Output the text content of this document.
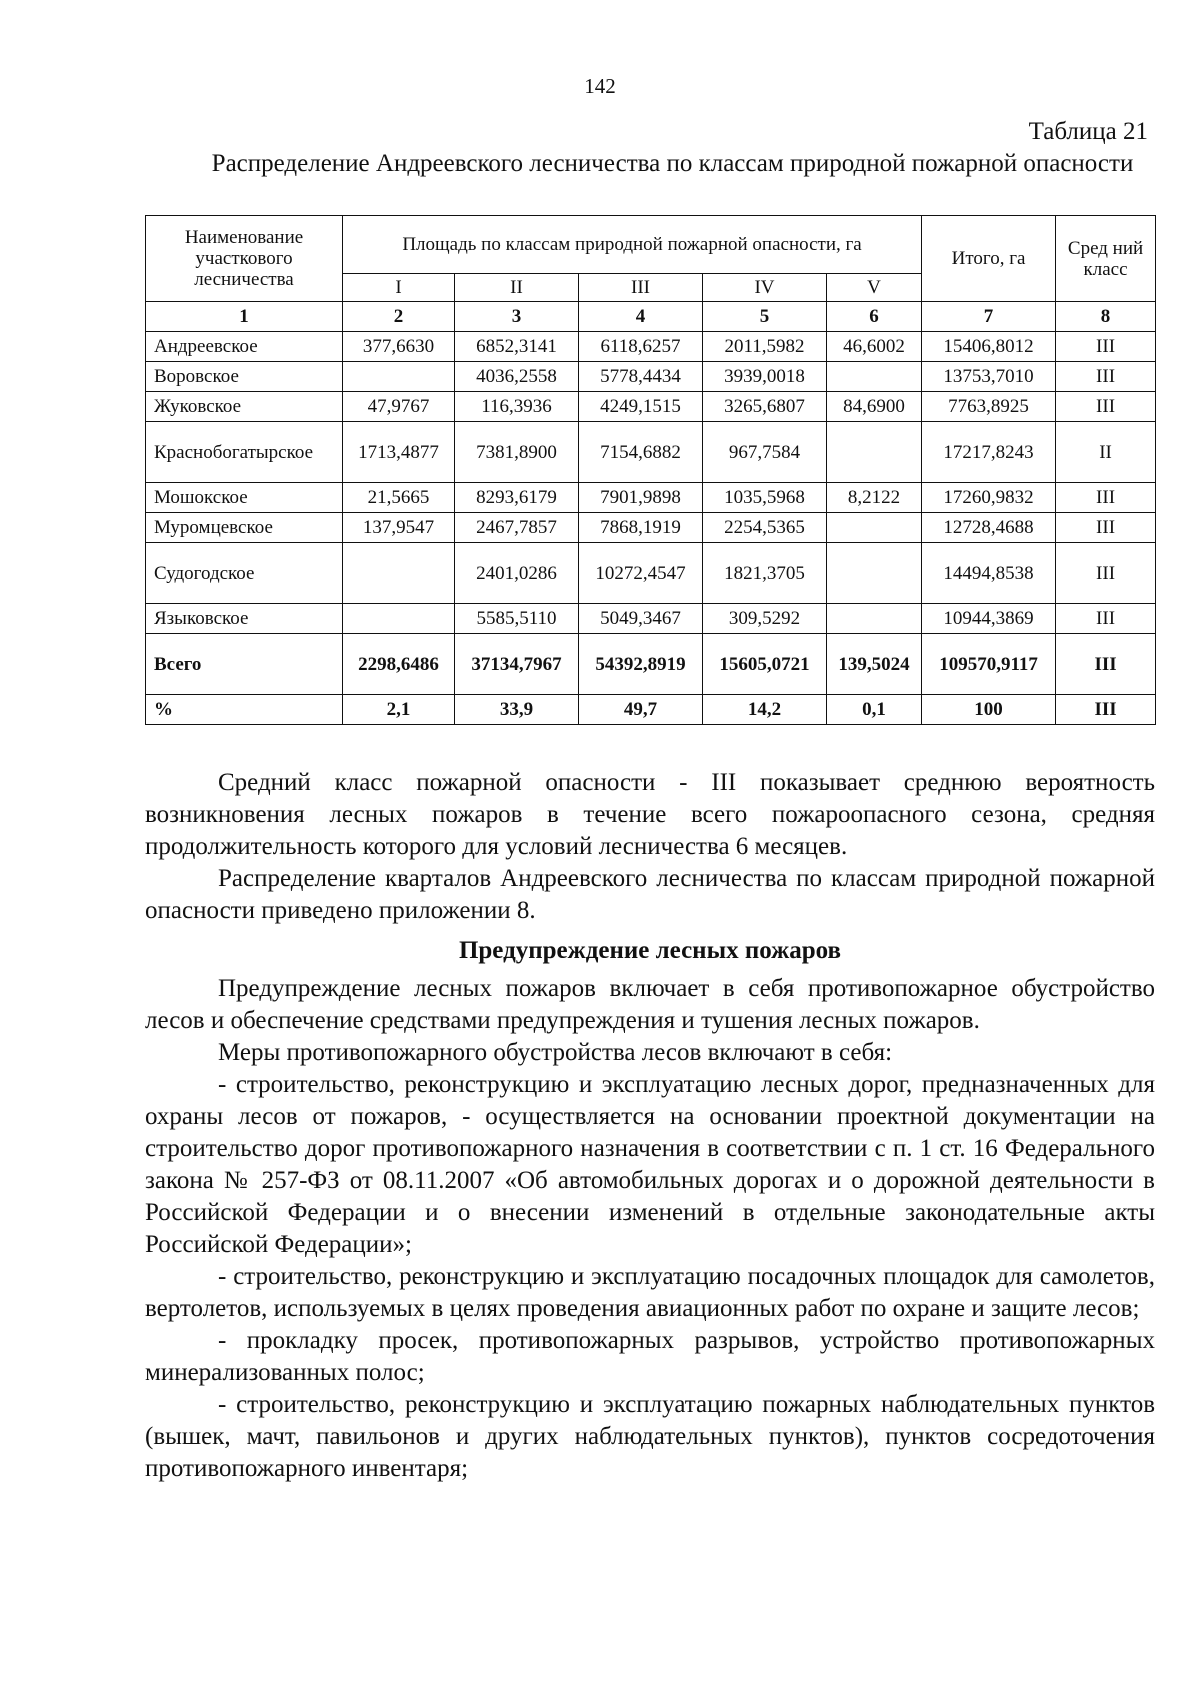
142
Таблица 21
Распределение Андреевского лесничества по классам природной пожарной опасности
Наименование участкового лесничества	Площадь по классам природной пожарной опасности, га					Итого, га	Сред ний класс
	I	II	III	IV	V		
1	2	3	4	5	6	7	8
Андреевское	377,6630	6852,3141	6118,6257	2011,5982	46,6002	15406,8012	III
Воровское		4036,2558	5778,4434	3939,0018		13753,7010	III
Жуковское	47,9767	116,3936	4249,1515	3265,6807	84,6900	7763,8925	III
Краснобогатырское	1713,4877	7381,8900	7154,6882	967,7584		17217,8243	II
Мошокское	21,5665	8293,6179	7901,9898	1035,5968	8,2122	17260,9832	III
Муромцевское	137,9547	2467,7857	7868,1919	2254,5365		12728,4688	III
Судогодское		2401,0286	10272,4547	1821,3705		14494,8538	III
Языковское		5585,5110	5049,3467	309,5292		10944,3869	III
Всего	2298,6486	37134,7967	54392,8919	15605,0721	139,5024	109570,9117	III
%	2,1	33,9	49,7	14,2	0,1	100	III

Средний класс пожарной опасности - III показывает среднюю вероятность возникновения лесных пожаров в течение всего пожароопасного сезона, средняя продолжительность которого для условий лесничества 6 месяцев.

Распределение кварталов Андреевского лесничества по классам природной пожарной опасности приведено приложении 8.

Предупреждение лесных пожаров

Предупреждение лесных пожаров включает в себя противопожарное обустройство лесов и обеспечение средствами предупреждения и тушения лесных пожаров.

Меры противопожарного обустройства лесов включают в себя:

- строительство, реконструкцию и эксплуатацию лесных дорог, предназначенных для охраны лесов от пожаров, - осуществляется на основании проектной документации на строительство дорог противопожарного назначения в соответствии с п. 1 ст. 16 Федерального закона № 257-ФЗ от 08.11.2007 «Об автомобильных дорогах и о дорожной деятельности в Российской Федерации и о внесении изменений в отдельные законодательные акты Российской Федерации»;

- строительство, реконструкцию и эксплуатацию посадочных площадок для самолетов, вертолетов, используемых в целях проведения авиационных работ по охране и защите лесов;

- прокладку просек, противопожарных разрывов, устройство противопожарных минерализованных полос;

- строительство, реконструкцию и эксплуатацию пожарных наблюдательных пунктов (вышек, мачт, павильонов и других наблюдательных пунктов), пунктов сосредоточения противопожарного инвентаря;
